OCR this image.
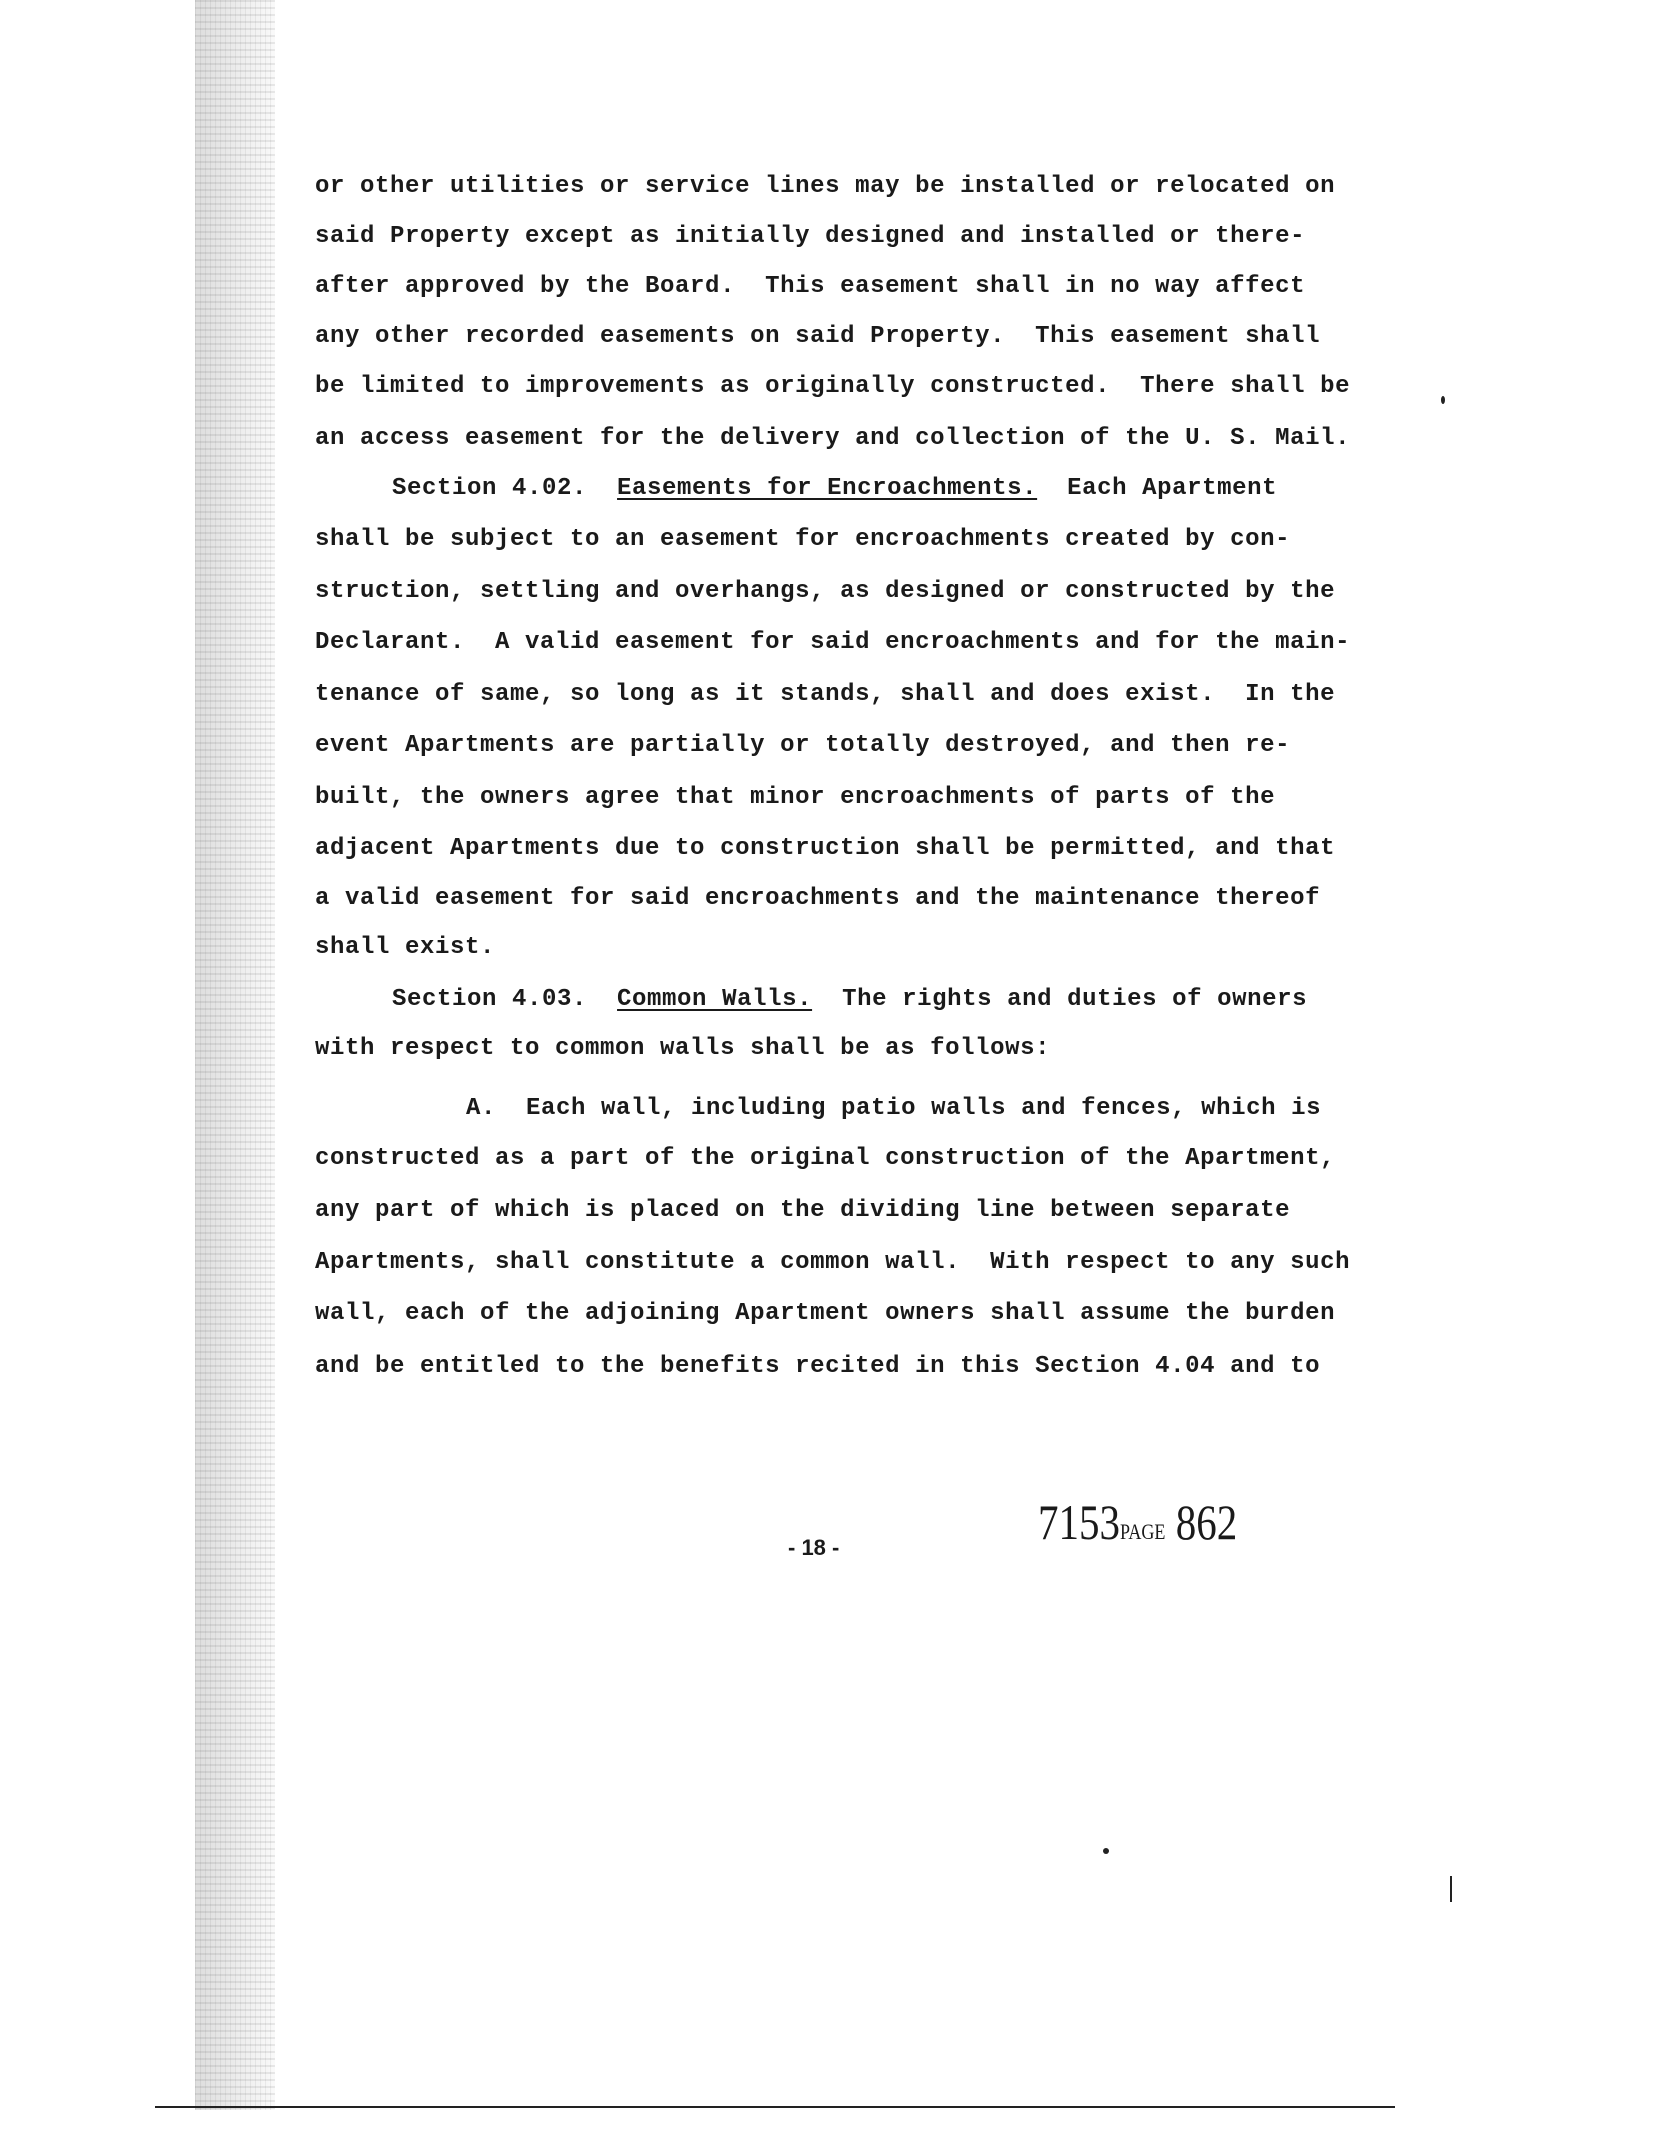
or other utilities or service lines may be installed or relocated on
said Property except as initially designed and installed or there-
after approved by the Board.  This easement shall in no way affect
any other recorded easements on said Property.  This easement shall
be limited to improvements as originally constructed.  There shall be
an access easement for the delivery and collection of the U. S. Mail.
Section 4.02. Easements for Encroachments. Each Apartment
shall be subject to an easement for encroachments created by con-
struction, settling and overhangs, as designed or constructed by the
Declarant.  A valid easement for said encroachments and for the main-
tenance of same, so long as it stands, shall and does exist.  In the
event Apartments are partially or totally destroyed, and then re-
built, the owners agree that minor encroachments of parts of the
adjacent Apartments due to construction shall be permitted, and that
a valid easement for said encroachments and the maintenance thereof
shall exist.
Section 4.03. Common Walls. The rights and duties of owners
with respect to common walls shall be as follows:
A.  Each wall, including patio walls and fences, which is
constructed as a part of the original construction of the Apartment,
any part of which is placed on the dividing line between separate
Apartments, shall constitute a common wall.  With respect to any such
wall, each of the adjoining Apartment owners shall assume the burden
and be entitled to the benefits recited in this Section 4.04 and to
- 18 -	7153PAGE 862
